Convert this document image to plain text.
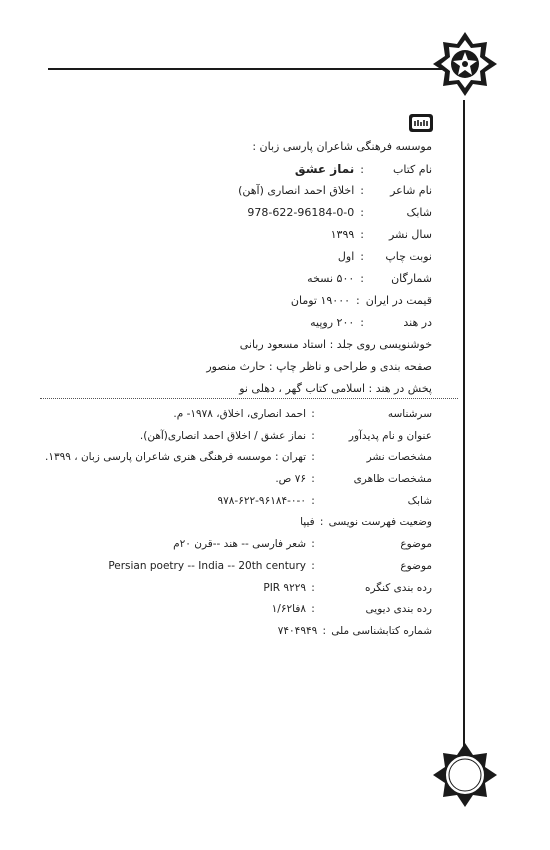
موسسه فرهنگی شاعران پارسی زبان :
نام کتاب:نماز عشق
نام شاعر:اخلاق احمد انصاری (آهن)
شابک:978-622-96184-0-0
سال نشر:۱۳۹۹
نوبت چاپ:اول
شمارگان:۵۰۰ نسخه
قیمت در ایران:۱۹۰۰۰ تومان
در هند:۲۰۰ روپیه
خوشنویسی روی جلد : استاد مسعود ربانی
صفحه بندی و طراحی و ناظر چاپ : حارث منصور
پخش در هند : اسلامی کتاب گهر ، دهلی نو
سرشناسه:احمد انصاری، اخلاق، ۱۹۷۸- م.
عنوان و نام پدیدآور:نماز عشق / اخلاق احمد انصاری(آهن).
مشخصات نشر:تهران : موسسه فرهنگی هنری شاعران پارسی زبان ، ۱۳۹۹.
مشخصات ظاهری:۷۶ ص.
شابک:۹۷۸-۶۲۲-۹۶۱۸۴-۰-۰
وضعیت فهرست نویسی:فیپا
موضوع:شعر فارسی -- هند --قرن ۲۰م
موضوع:Persian poetry -- India -- 20th century
رده بندی کنگره:PIR ۹۲۲۹
رده بندی دیویی:۸فا۱/۶۲
شماره کتابشناسی ملی:۷۴۰۴۹۴۹
